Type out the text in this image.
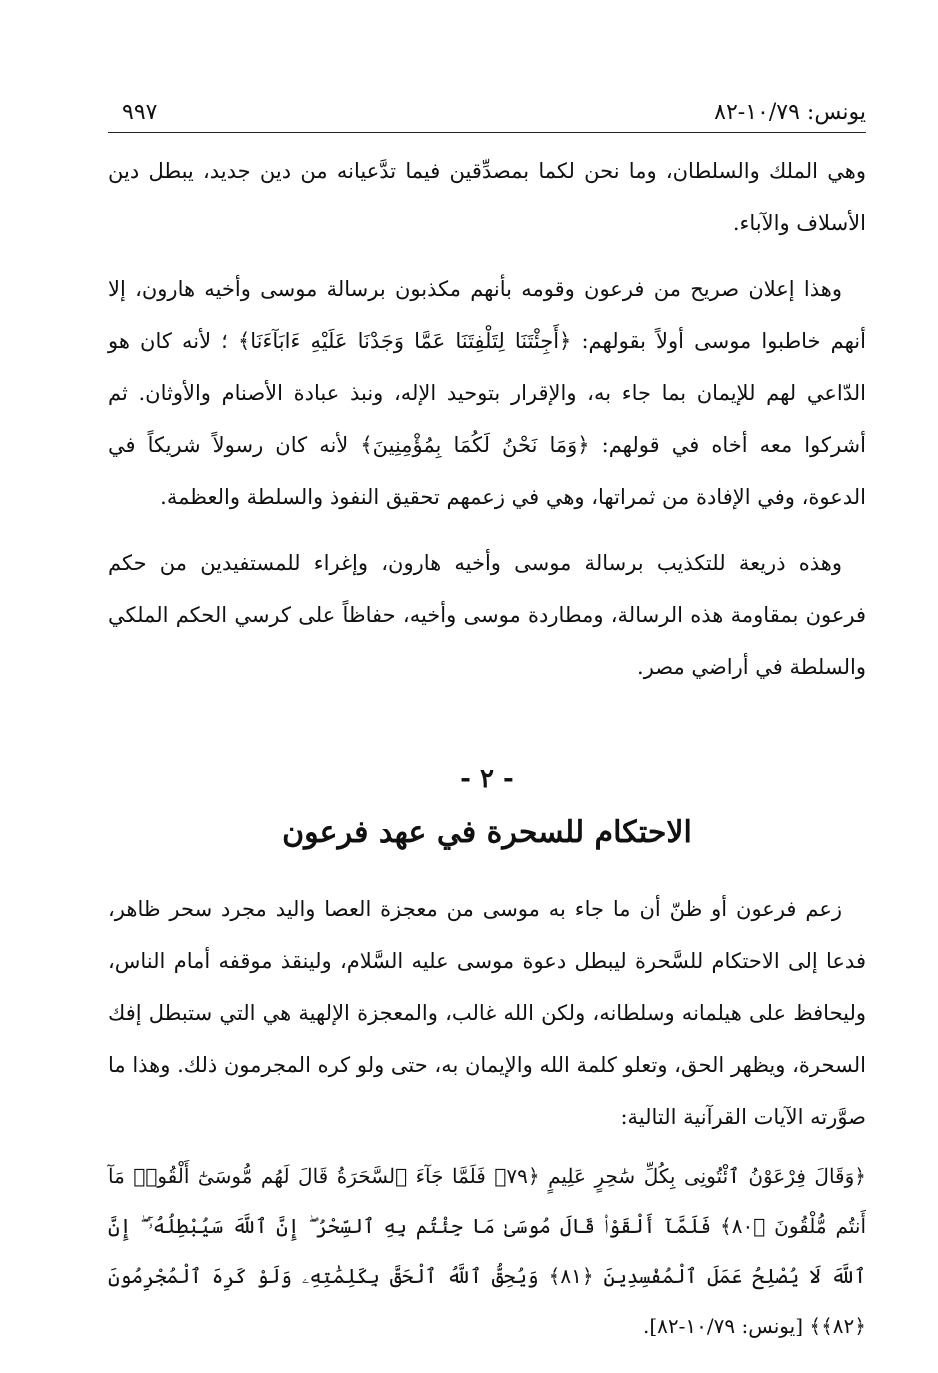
يونس: ١٠/٧٩-٨٢
٩٩٧

وهي الملك والسلطان، وما نحن لكما بمصدِّقين فيما تدَّعيانه من دين جديد، يبطل دين الأسلاف والآباء.

وهذا إعلان صريح من فرعون وقومه بأنهم مكذبون برسالة موسى وأخيه هارون، إلا أنهم خاطبوا موسى أولاً بقولهم: ﴿أَجِئْتَنَا لِتَلْفِتَنَا عَمَّا وَجَدْنَا عَلَيْهِ ءَابَآءَنَا﴾ ؛ لأنه كان هو الدّاعي لهم للإيمان بما جاء به، والإقرار بتوحيد الإله، ونبذ عبادة الأصنام والأوثان. ثم أشركوا معه أخاه في قولهم: ﴿وَمَا نَحْنُ لَكُمَا بِمُؤْمِنِينَ﴾ لأنه كان رسولاً شريكاً في الدعوة، وفي الإفادة من ثمراتها، وهي في زعمهم تحقيق النفوذ والسلطة والعظمة.

وهذه ذريعة للتكذيب برسالة موسى وأخيه هارون، وإغراء للمستفيدين من حكم فرعون بمقاومة هذه الرسالة، ومطاردة موسى وأخيه، حفاظاً على كرسي الحكم الملكي والسلطة في أراضي مصر.

- ٢ -
الاحتكام للسحرة في عهد فرعون

زعم فرعون أو ظنّ أن ما جاء به موسى من معجزة العصا واليد مجرد سحر ظاهر، فدعا إلى الاحتكام للسَّحرة ليبطل دعوة موسى عليه السَّلام، ولينقذ موقفه أمام الناس، وليحافظ على هيلمانه وسلطانه، ولكن الله غالب، والمعجزة الإلهية هي التي ستبطل إفك السحرة، ويظهر الحق، وتعلو كلمة الله والإيمان به، حتى ولو كره المجرمون ذلك. وهذا ما صوَّرته الآيات القرآنية التالية:

﴿وَقَالَ فِرْعَوْنُ ٱئْتُونِى بِكُلِّ سَٰحِرٍ عَلِيمٍ ﴿٧٩﴾ فَلَمَّا جَآءَ ٱلسَّحَرَةُ قَالَ لَهُم مُّوسَىٰٓ أَلْقُوا۟ مَآ أَنتُم مُّلْقُونَ ﴿٨٠﴾ فَلَمَّآ أَلْقَوْا۟ قَالَ مُوسَىٰ مَا جِئْتُم بِهِ ٱلسِّحْرُ ۖ إِنَّ ٱللَّهَ سَيُبْطِلُهُۥٓ ۖ إِنَّ ٱللَّهَ لَا يُصْلِحُ عَمَلَ ٱلْمُفْسِدِينَ ﴿٨١﴾ وَيُحِقُّ ٱللَّهُ ٱلْحَقَّ بِكَلِمَٰتِهِۦ وَلَوْ كَرِهَ ٱلْمُجْرِمُونَ ﴿٨٢﴾﴾ [يونس: ١٠/٧٩-٨٢].
